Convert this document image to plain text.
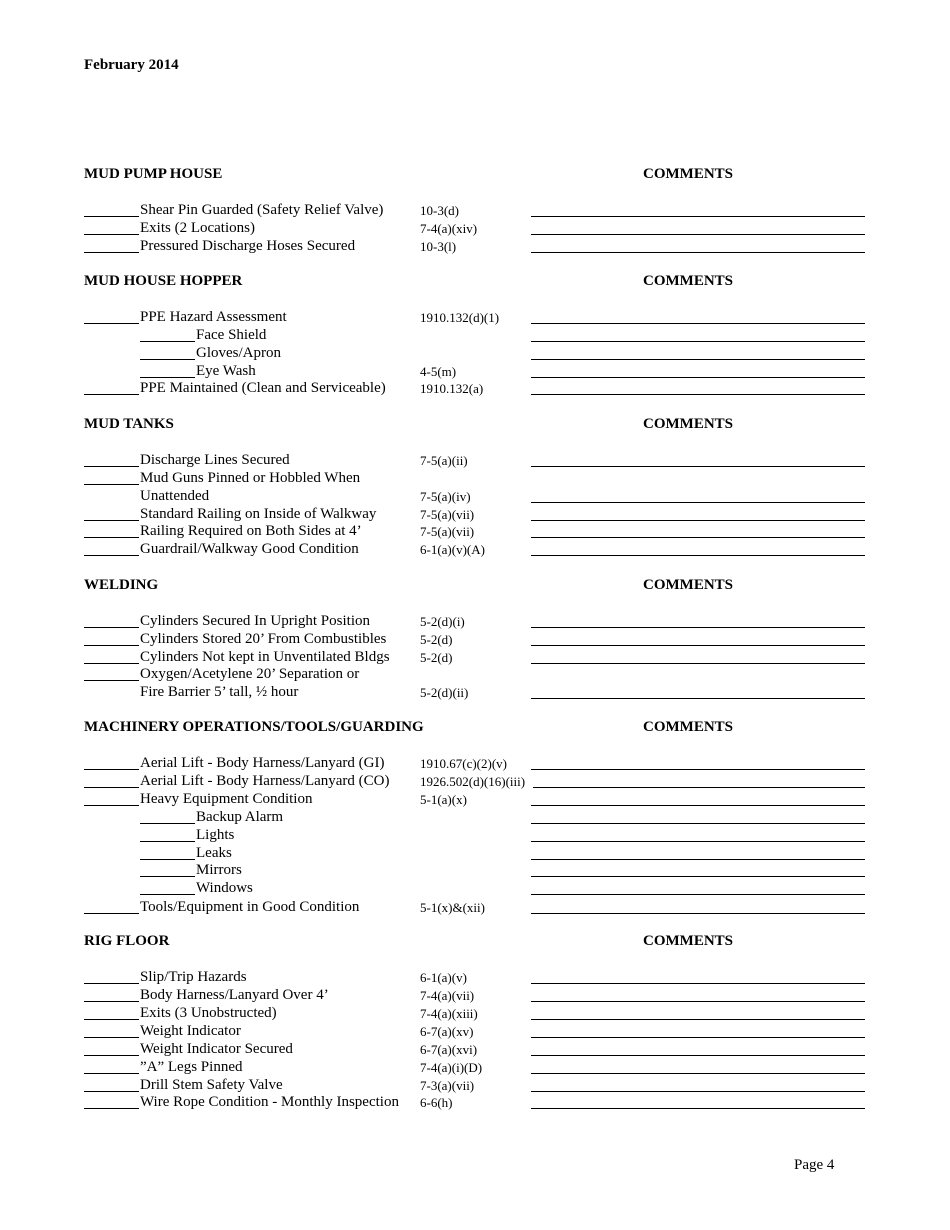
February 2014
MUD PUMP HOUSE	COMMENTS
Shear Pin Guarded (Safety Relief Valve)	10-3(d)
Exits (2 Locations)	7-4(a)(xiv)
Pressured Discharge Hoses Secured	10-3(l)
MUD HOUSE HOPPER	COMMENTS
PPE Hazard Assessment	1910.132(d)(1)
Face Shield
Gloves/Apron
Eye Wash	4-5(m)
PPE Maintained (Clean and Serviceable)	1910.132(a)
MUD TANKS	COMMENTS
Discharge Lines Secured	7-5(a)(ii)
Mud Guns Pinned or Hobbled When
Unattended	7-5(a)(iv)
Standard Railing on Inside of Walkway	7-5(a)(vii)
Railing Required on Both Sides at 4’	7-5(a)(vii)
Guardrail/Walkway Good Condition	6-1(a)(v)(A)
WELDING	COMMENTS
Cylinders Secured In Upright Position	5-2(d)(i)
Cylinders Stored 20’ From Combustibles	5-2(d)
Cylinders Not kept in Unventilated Bldgs 5-2(d)
Oxygen/Acetylene 20’ Separation or
Fire Barrier 5’ tall, ½ hour	5-2(d)(ii)
MACHINERY OPERATIONS/TOOLS/GUARDING	COMMENTS
Aerial Lift - Body Harness/Lanyard (GI)	1910.67(c)(2)(v)
Aerial Lift - Body Harness/Lanyard (CO) 1926.502(d)(16)(iii)
Heavy Equipment Condition	5-1(a)(x)
Backup Alarm
Lights
Leaks
Mirrors
Windows
Tools/Equipment in Good Condition	5-1(x)&(xii)
RIG FLOOR	COMMENTS
Slip/Trip Hazards	6-1(a)(v)
Body Harness/Lanyard Over 4’	7-4(a)(vii)
Exits (3 Unobstructed)	7-4(a)(xiii)
Weight Indicator	6-7(a)(xv)
Weight Indicator Secured	6-7(a)(xvi)
”A” Legs Pinned	7-4(a)(i)(D)
Drill Stem Safety Valve	7-3(a)(vii)
Wire Rope Condition - Monthly Inspection 6-6(h)
Page 4
